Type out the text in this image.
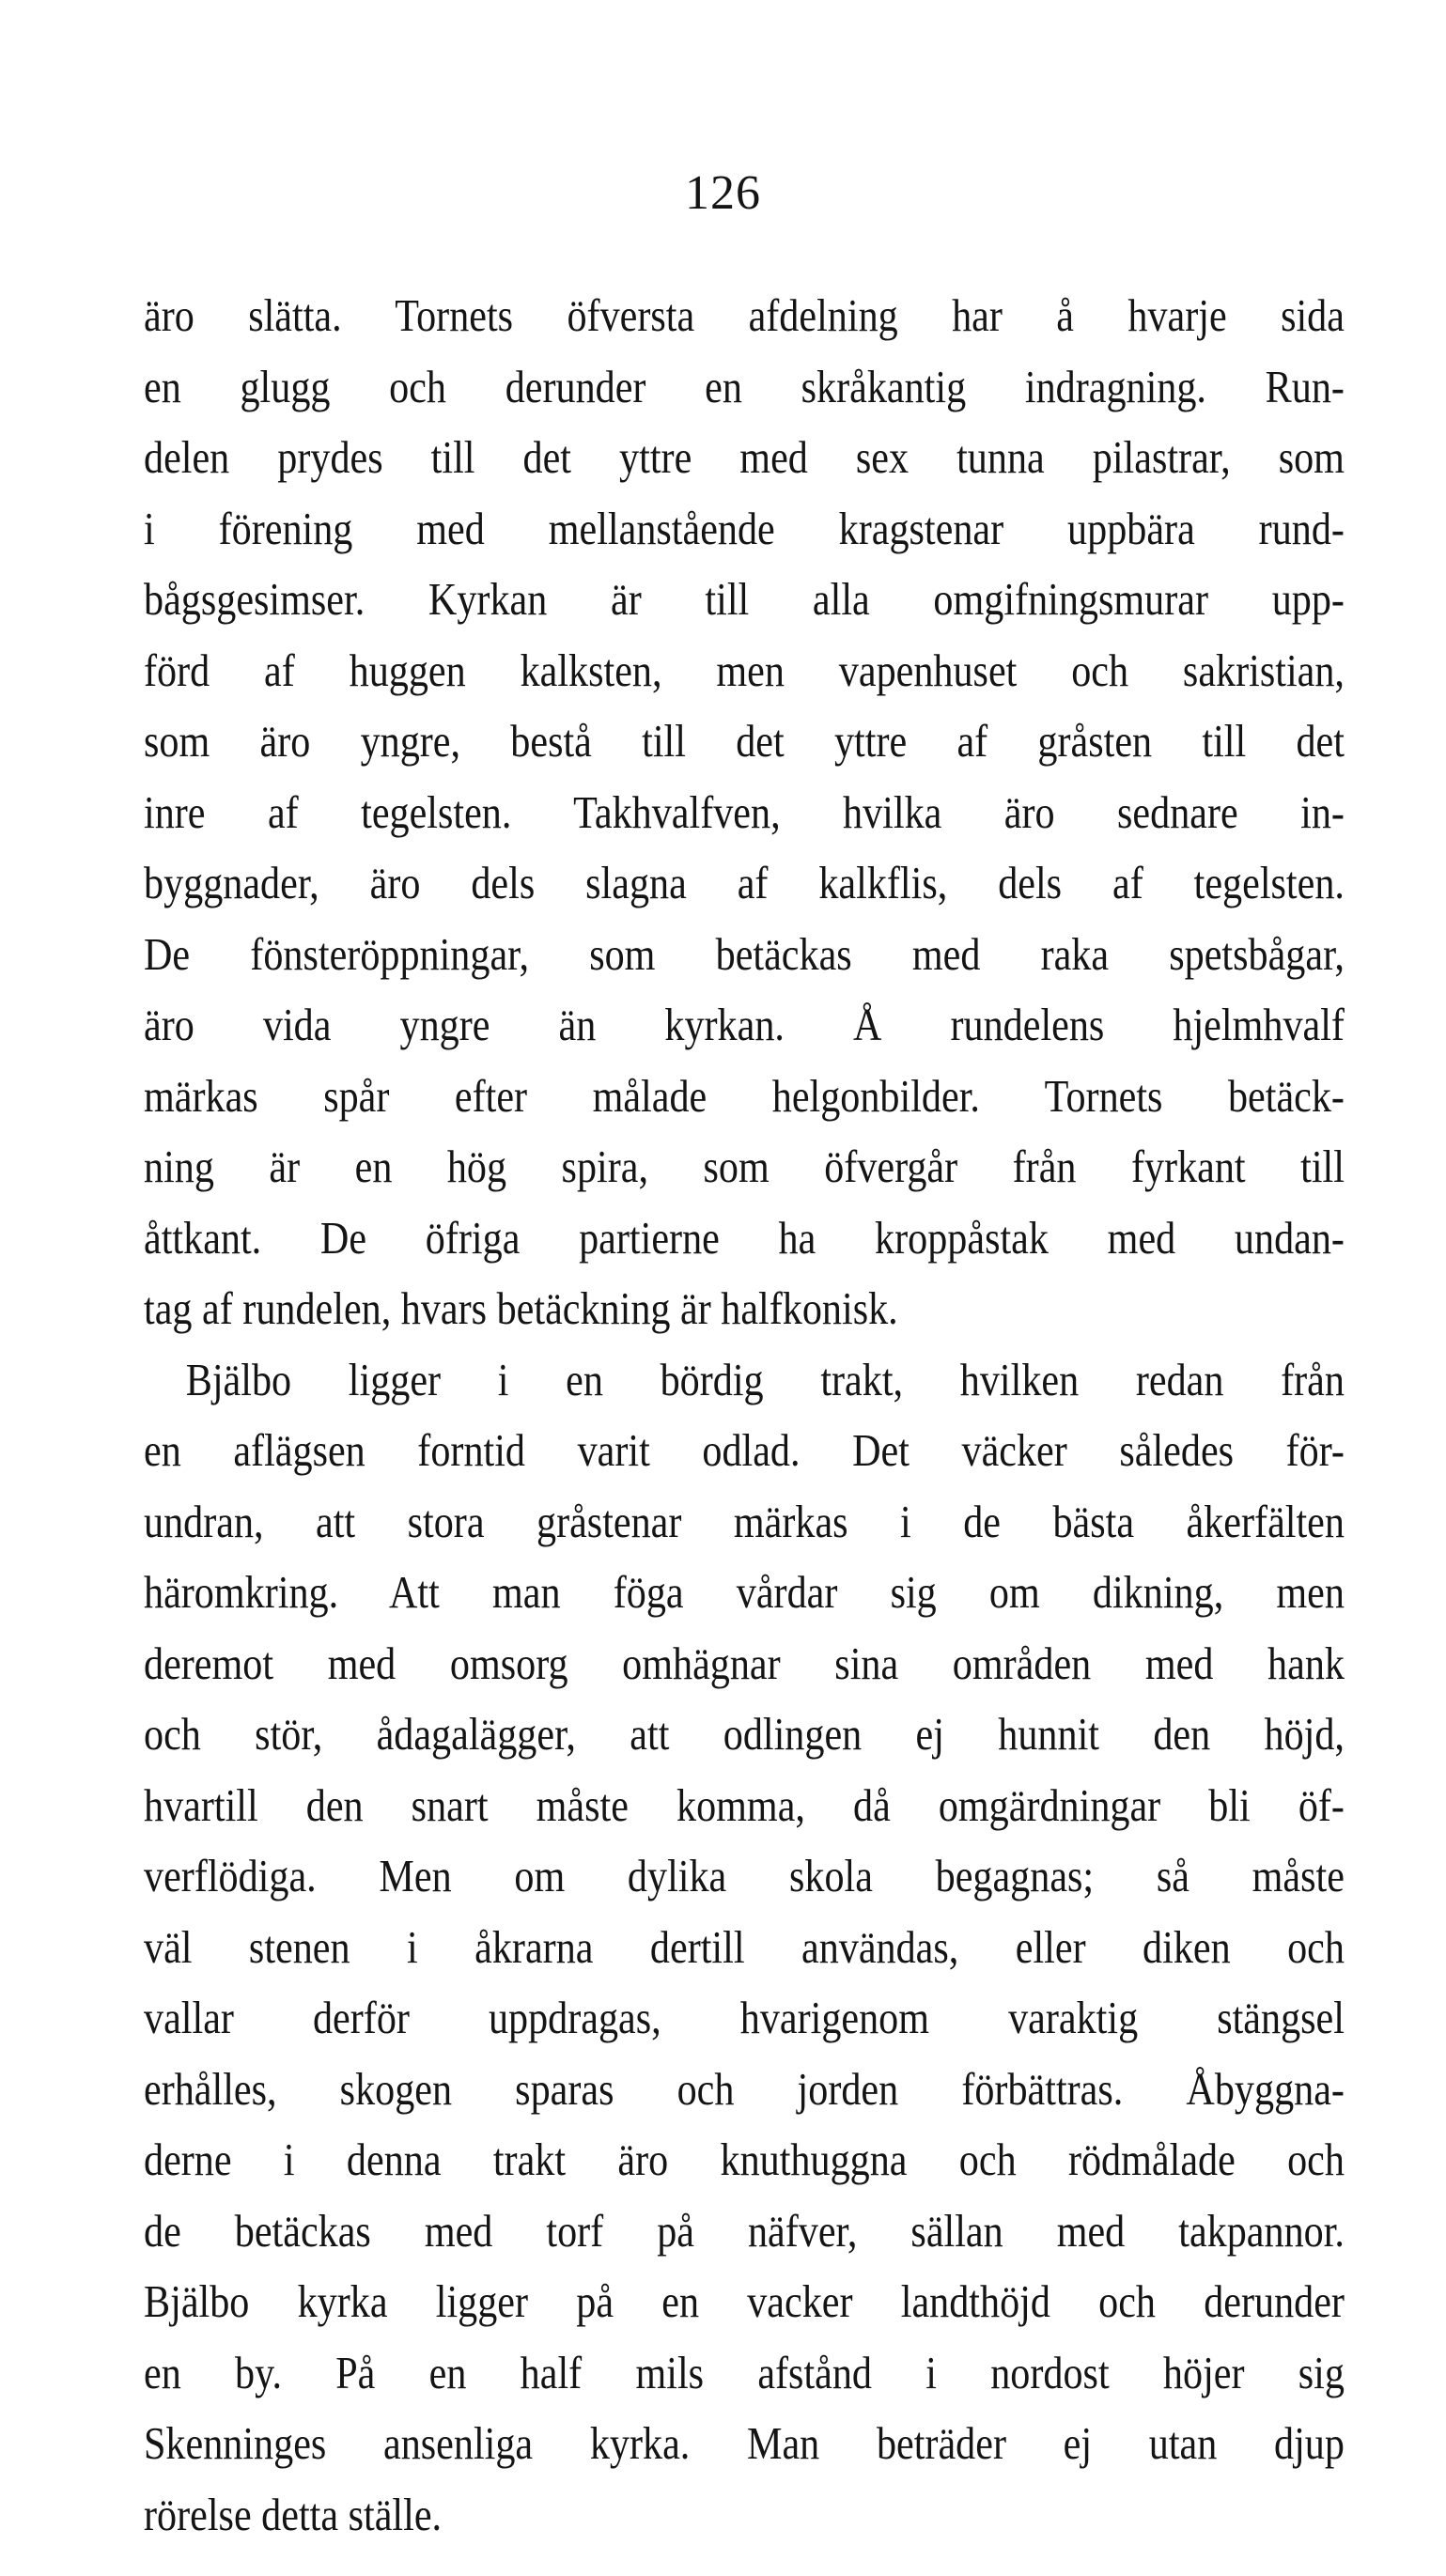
126
äro slätta. Tornets öfversta afdelning har å hvarje sida
en glugg och derunder en skråkantig indragning. Run-
delen prydes till det yttre med sex tunna pilastrar, som
i förening med mellanstående kragstenar uppbära rund-
bågsgesimser. Kyrkan är till alla omgifningsmurar upp-
förd af huggen kalksten, men vapenhuset och sakristian,
som äro yngre, bestå till det yttre af gråsten till det
inre af tegelsten. Takhvalfven, hvilka äro sednare in-
byggnader, äro dels slagna af kalkflis, dels af tegelsten.
De fönsteröppningar, som betäckas med raka spetsbågar,
äro vida yngre än kyrkan. Å rundelens hjelmhvalf
märkas spår efter målade helgonbilder. Tornets betäck-
ning är en hög spira, som öfvergår från fyrkant till
åttkant. De öfriga partierne ha kroppåstak med undan-
tag af rundelen, hvars betäckning är halfkonisk.
Bjälbo ligger i en bördig trakt, hvilken redan från
en aflägsen forntid varit odlad. Det väcker således för-
undran, att stora gråstenar märkas i de bästa åkerfälten
häromkring. Att man föga vårdar sig om dikning, men
deremot med omsorg omhägnar sina områden med hank
och stör, ådagalägger, att odlingen ej hunnit den höjd,
hvartill den snart måste komma, då omgärdningar bli öf-
verflödiga. Men om dylika skola begagnas; så måste
väl stenen i åkrarna dertill användas, eller diken och
vallar derför uppdragas, hvarigenom varaktig stängsel
erhålles, skogen sparas och jorden förbättras. Åbyggna-
derne i denna trakt äro knuthuggna och rödmålade och
de betäckas med torf på näfver, sällan med takpannor.
Bjälbo kyrka ligger på en vacker landthöjd och derunder
en by. På en half mils afstånd i nordost höjer sig
Skenninges ansenliga kyrka. Man beträder ej utan djup
rörelse detta ställe.
